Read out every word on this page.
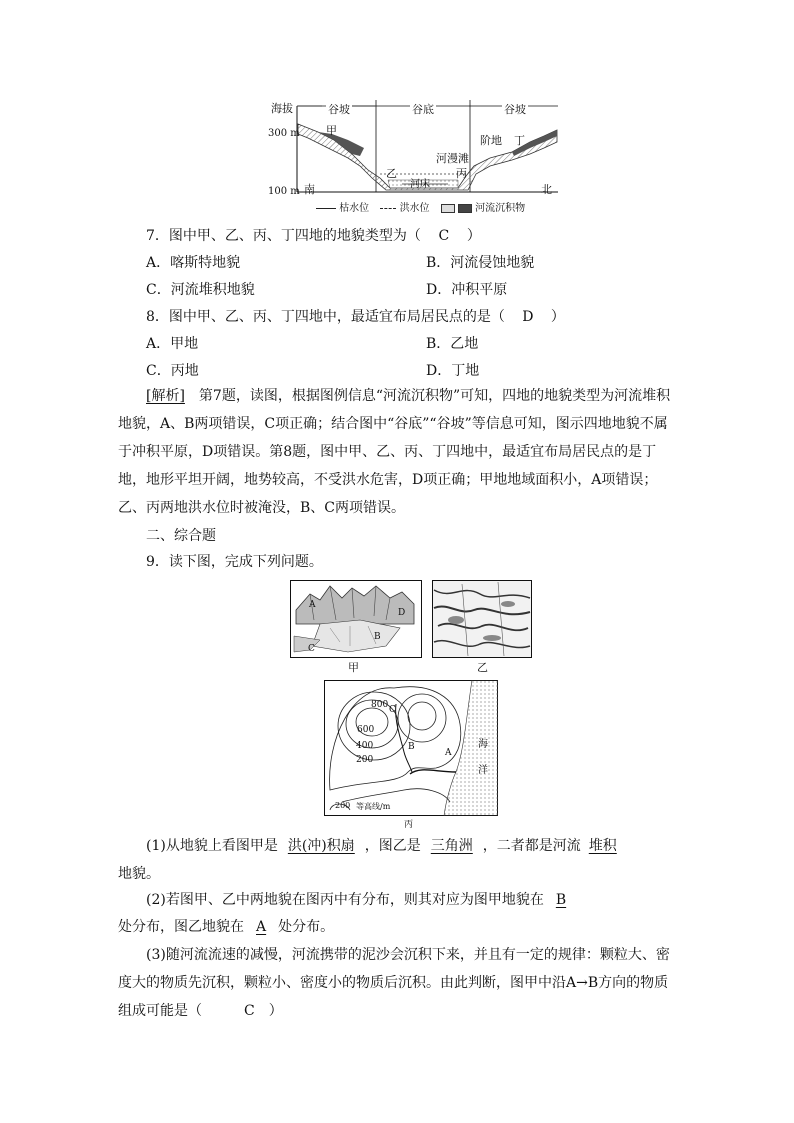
海拔
300 m
100 m
谷坡	谷底	谷坡
甲
丁
阶地
河漫滩
乙	丙
河床
南	北
枯水位	洪水位	河流沉积物
7．图中甲、乙、丙、丁四地的地貌类型为（　C　 ）
A．喀斯特地貌	B．河流侵蚀地貌
C．河流堆积地貌	D．冲积平原
8．图中甲、乙、丙、丁四地中，最适宜布局居民点的是（　D　 ）
A．甲地	B．乙地
C．丙地	D．丁地
[解析]　第7题，读图，根据图例信息“河流沉积物”可知，四地的地貌类型为河流堆积地貌，A、B两项错误，C项正确；结合图中“谷底”“谷坡”等信息可知，图示四地地貌不属于冲积平原，D项错误。第8题，图中甲、乙、丙、丁四地中，最适宜布局居民点的是丁地，地形平坦开阔，地势较高，不受洪水危害，D项正确；甲地地域面积小，A项错误；乙、丙两地洪水位时被淹没，B、C两项错误。
二、综合题
9．读下图，完成下列问题。
A
B
C
D
甲	乙
800
600
400
200
C
B
A
海洋
200 等高线/m
丙
(1)从地貌上看图甲是 洪(冲)积扇 ，图乙是 三角洲 ，二者都是河流 堆积

地貌。
(2)若图甲、乙中两地貌在图丙中有分布，则其对应为图甲地貌在 B
处分布，图乙地貌在 A 处分布。
(3)随河流流速的减慢，河流携带的泥沙会沉积下来，并且有一定的规律：颗粒大、密度大的物质先沉积，颗粒小、密度小的物质后沉积。由此判断，图甲中沿A→B方向的物质组成可能是（　C　 ）
